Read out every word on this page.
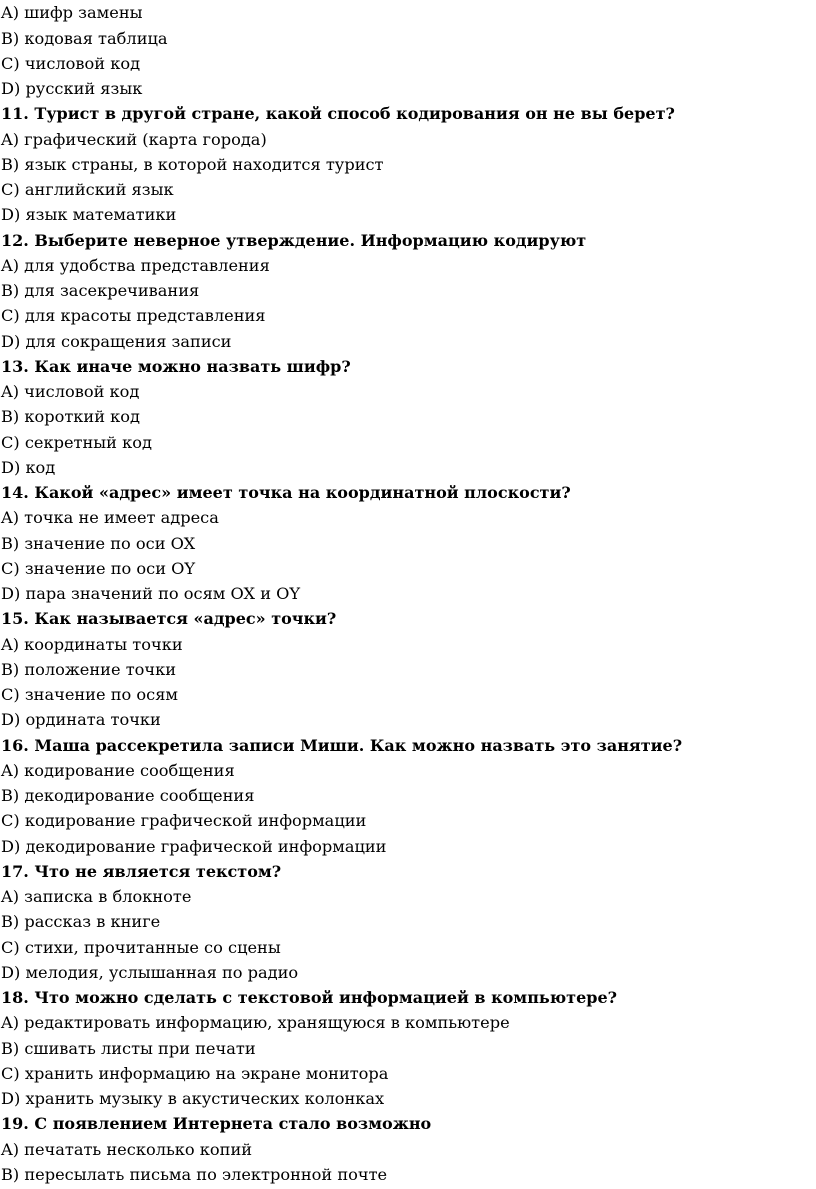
A) шифр замены
B) кодовая таблица
C) числовой код
D) русский язык
11. Турист в другой стране, какой способ кодирования он не вы берет?
A) графический (карта города)
B) язык страны, в которой находится турист
C) английский язык
D) язык математики
12. Выберите неверное утверждение. Информацию кодируют
A) для удобства представления
B) для засекречивания
C) для красоты представления
D) для сокращения записи
13. Как иначе можно назвать шифр?
A) числовой код
B) короткий код
C) секретный код
D) код
14. Какой «адрес» имеет точка на координатной плоскости?
A) точка не имеет адреса
B) значение по оси OX
C) значение по оси OY
D) пара значений по осям OX и OY
15. Как называется «адрес» точки?
A) координаты точки
B) положение точки
C) значение по осям
D) ордината точки
16. Маша рассекретила записи Миши. Как можно назвать это занятие?
A) кодирование сообщения
B) декодирование сообщения
C) кодирование графической информации
D) декодирование графической информации
17. Что не является текстом?
A) записка в блокноте
B) рассказ в книге
C) стихи, прочитанные со сцены
D) мелодия, услышанная по радио
18. Что можно сделать с текстовой информацией в компьютере?
A) редактировать информацию, хранящуюся в компьютере
B) сшивать листы при печати
C) хранить информацию на экране монитора
D) хранить музыку в акустических колонках
19. С появлением Интернета стало возможно
A) печатать несколько копий
B) пересылать письма по электронной почте
